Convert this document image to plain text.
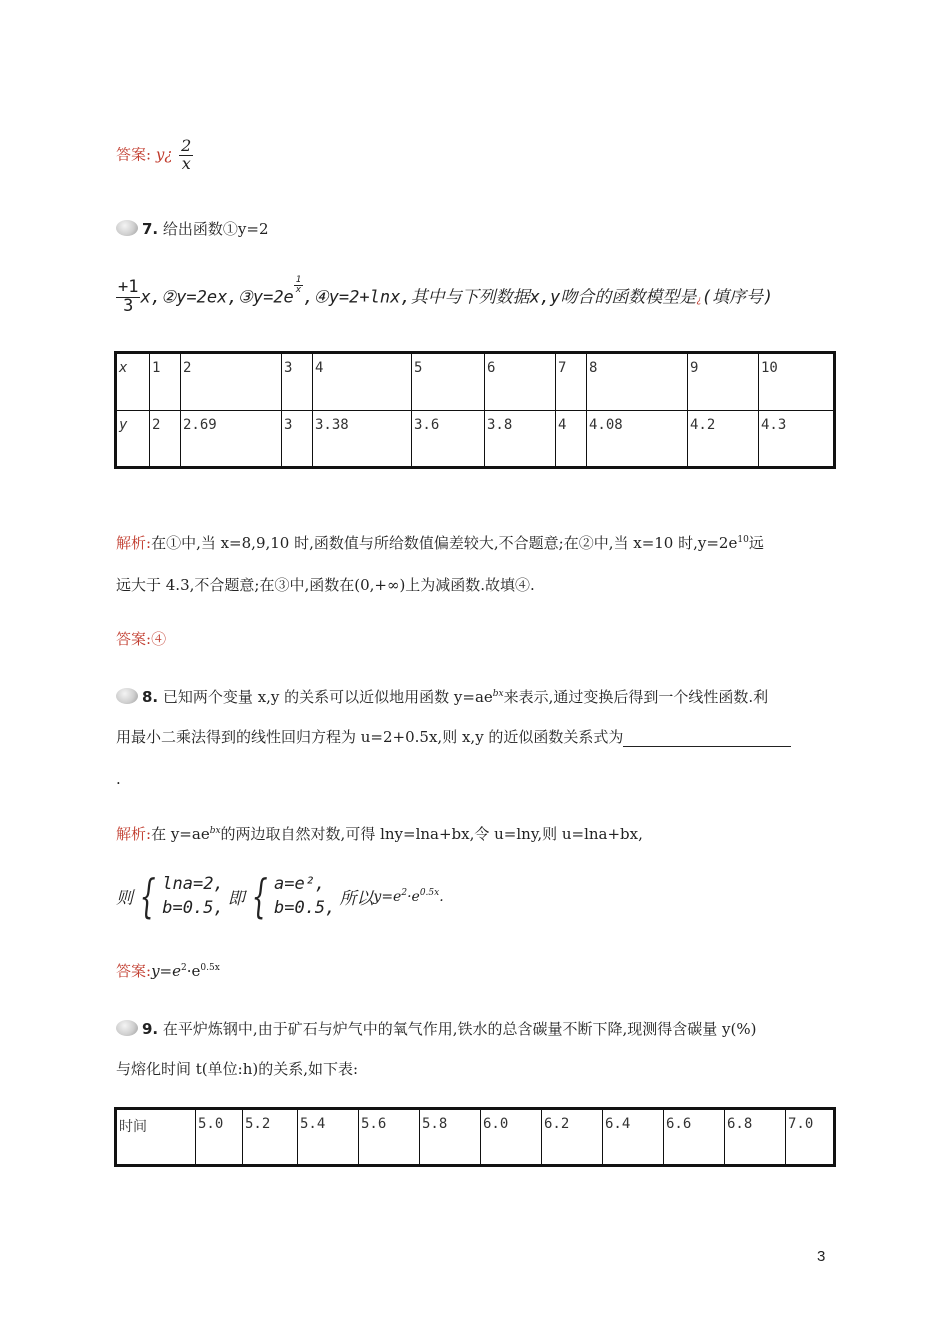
答案: y¿ $\frac{2}{x}$
7. 给出函数①y=2
$\frac{+1}{3}$ x,②y=2ex,③y=2e
$\frac{1}{x}$
,④y=2+lnx,其中与下列数据x,y吻合的函数模型是¿(填序号)
x	1	2	3	4	5	6	7	8	9	10
y	2	2.69	3	3.38	3.6	3.8	4	4.08	4.2	4.3
解析:在①中,当 x=8,9,10 时,函数值与所给数值偏差较大,不合题意;在②中,当 x=10 时$,y=2e^{10}$远
远大于 4.3,不合题意;在③中,函数在(0,+∞)上为减函数.故填④.
答案:④
8. 已知两个变量 x,y 的关系可以近似地用函数 $y=ae^{bx}$来表示,通过变换后得到一个线性函数.利
用最小二乘法得到的线性回归方程为 u=2+0.5x,则 x,y 的近似函数关系式为
.
解析:在 $y=ae^{bx}$的两边取自然对数,可得 lny=lna+bx,令 u=lny,则 u=lna+bx,
则 { lna=2,
b=0.5, 即 { a=e²,
b=0.5, 所以$y=e^2\cdot e^{0.5x}$.
答案$:y=e^2\cdot e^{0.5x}$
9. 在平炉炼钢中,由于矿石与炉气中的氧气作用,铁水的总含碳量不断下降,现测得含碳量 y(%)
与熔化时间 t(单位:h)的关系,如下表:
时间	5.0	5.2	5.4	5.6	5.8	6.0	6.2	6.4	6.6	6.8	7.0
3
